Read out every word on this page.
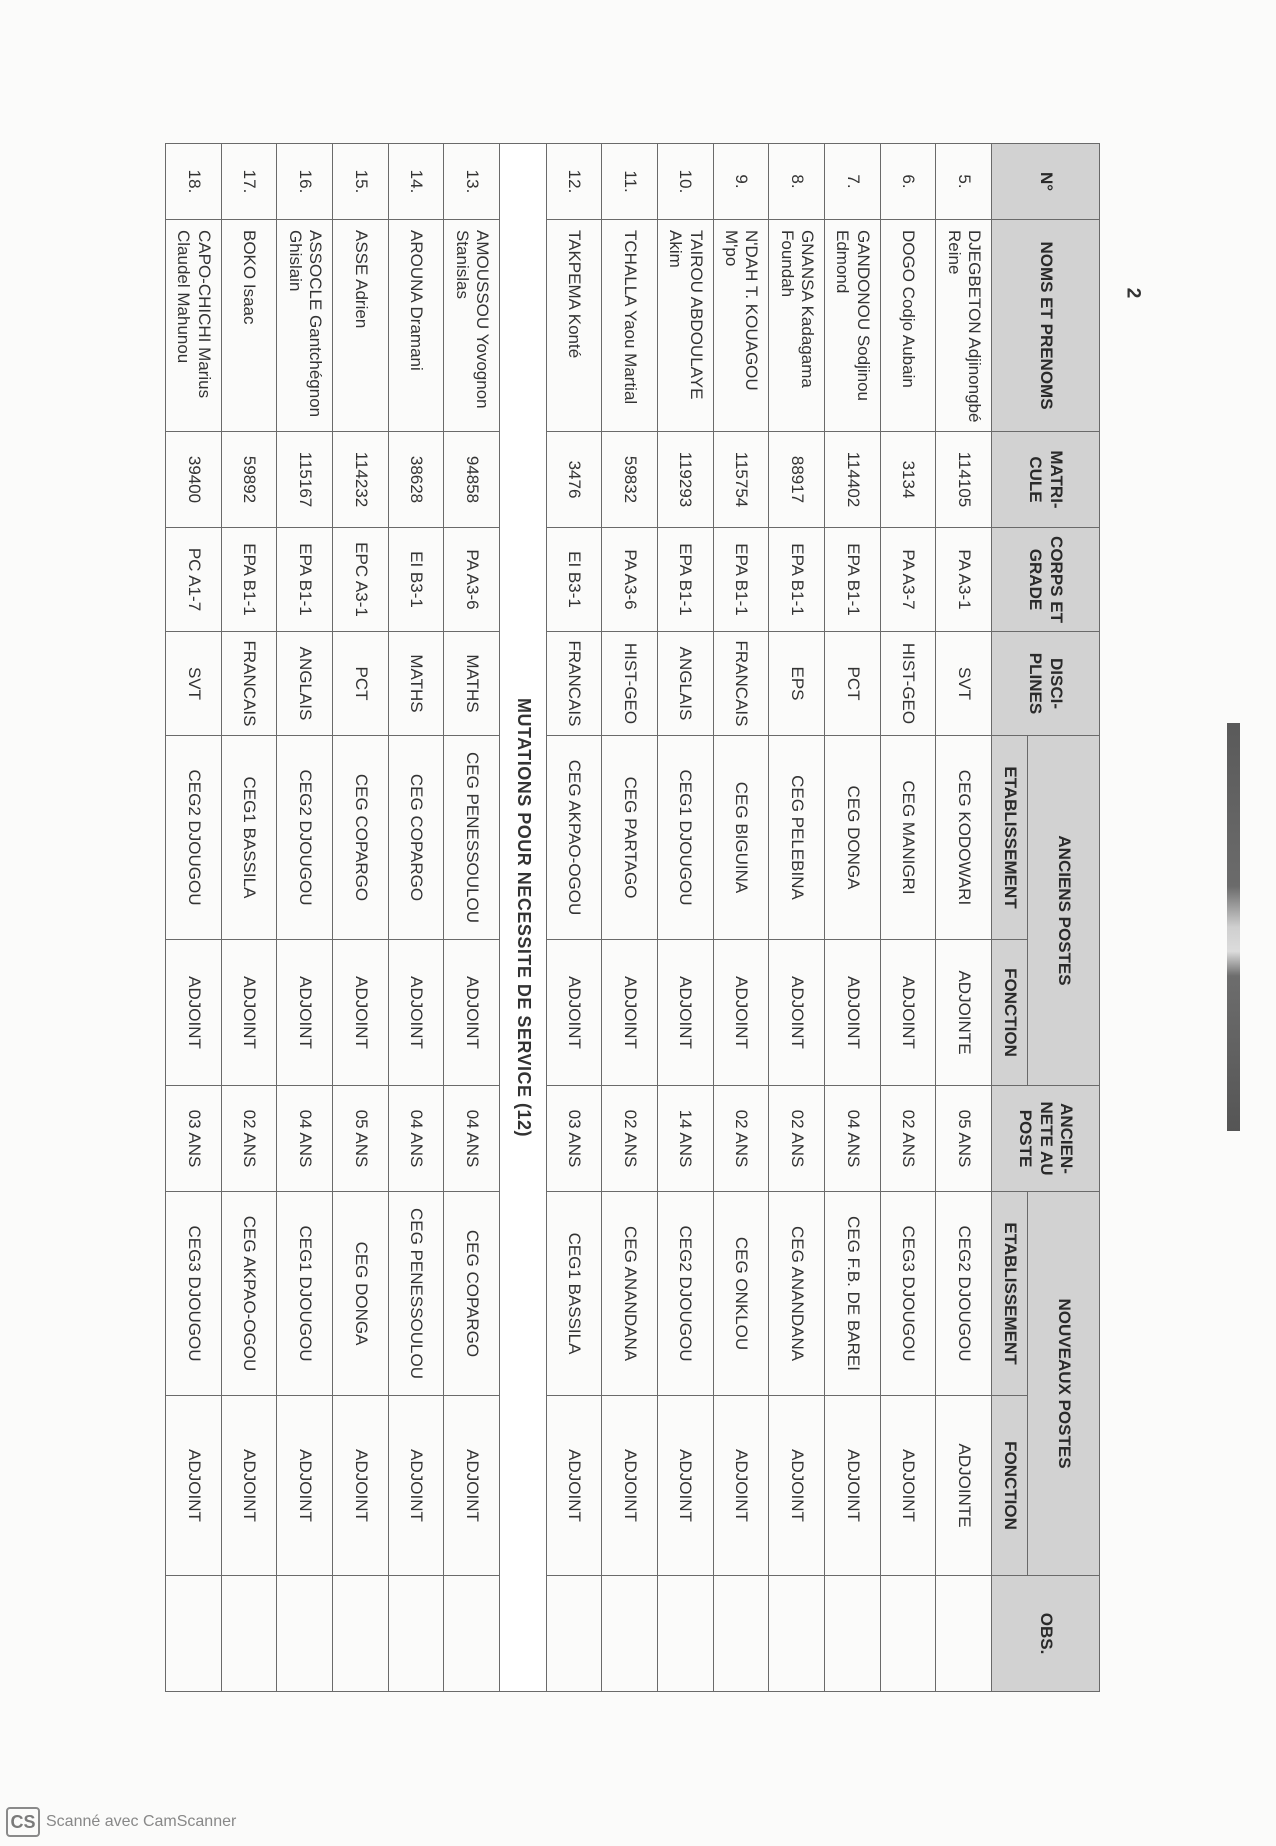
N°	NOMS ET PRENOMS	MATRI-CULE	CORPS ET GRADE	DISCI-PLINES	ANCIENS POSTES		ANCIEN-NETE AU POSTE	NOUVEAUX POSTES		OBS.
					ETABLISSEMENT	FONCTION		ETABLISSEMENT	FONCTION	
5.	DJEGBETON Adjinongbé Reine	114105	PA A3-1	SVT	CEG KODOWARI	ADJOINTE	05 ANS	CEG2 DJOUGOU	ADJOINTE	
6.	DOGO Codjo Aubain	3134	PA A3-7	HIST-GEO	CEG MANIGRI	ADJOINT	02 ANS	CEG3 DJOUGOU	ADJOINT	
7.	GANDONOU Sodjinou Edmond	114402	EPA B1-1	PCT	CEG DONGA	ADJOINT	04 ANS	CEG F.B. DE BAREI	ADJOINT	
8.	GNANSA Kadagama Foundah	88917	EPA B1-1	EPS	CEG PELEBINA	ADJOINT	02 ANS	CEG ANANDANA	ADJOINT	
9.	N'DAH T. KOUAGOU M'po	115754	EPA B1-1	FRANCAIS	CEG BIGUINA	ADJOINT	02 ANS	CEG ONKLOU	ADJOINT	
10.	TAIROU ABDOULAYE Akim	119293	EPA B1-1	ANGLAIS	CEG1 DJOUGOU	ADJOINT	14 ANS	CEG2 DJOUGOU	ADJOINT	
11.	TCHALLA Yaou Martial	59832	PA A3-6	HIST-GEO	CEG PARTAGO	ADJOINT	02 ANS	CEG ANANDANA	ADJOINT	
12.	TAKPEMA Konté	3476	EI B3-1	FRANCAIS	CEG AKPAO-OGOU	ADJOINT	03 ANS	CEG1 BASSILA	ADJOINT	
MUTATIONS POUR NECESSITE DE SERVICE (12)										
13.	AMOUSSOU Yovognon Stanislas	94858	PA A3-6	MATHS	CEG PENESSOULOU	ADJOINT	04 ANS	CEG COPARGO	ADJOINT	
14.	AROUNA Dramani	38628	EI B3-1	MATHS	CEG COPARGO	ADJOINT	04 ANS	CEG PENESSOULOU	ADJOINT	
15.	ASSE Adrien	114232	EPC A3-1	PCT	CEG COPARGO	ADJOINT	05 ANS	CEG DONGA	ADJOINT	
16.	ASSOCLE Gantchégnon Ghislain	115167	EPA B1-1	ANGLAIS	CEG2 DJOUGOU	ADJOINT	04 ANS	CEG1 DJOUGOU	ADJOINT	
17.	BOKO Isaac	59892	EPA B1-1	FRANCAIS	CEG1 BASSILA	ADJOINT	02 ANS	CEG AKPAO-OGOU	ADJOINT	
18.	CAPO-CHICHI Marius Claudel Mahunou	39400	PC A1-7	SVT	CEG2 DJOUGOU	ADJOINT	03 ANS	CEG3 DJOUGOU	ADJOINT	
2
CS Scanné avec CamScanner
